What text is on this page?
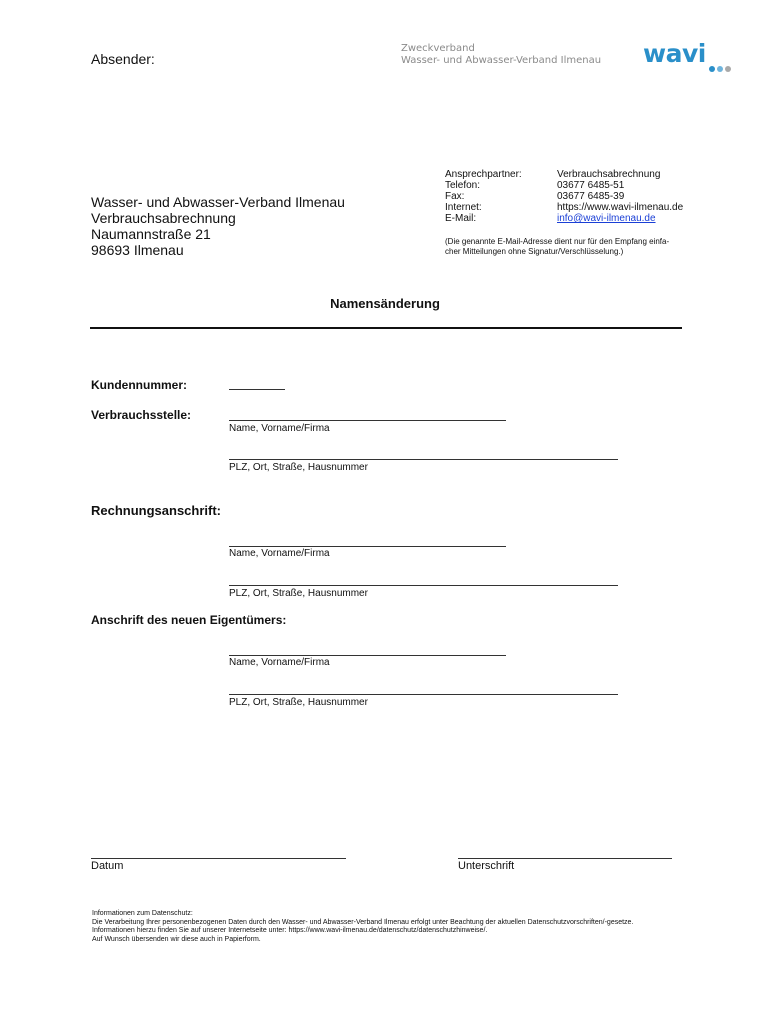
Absender:
Zweckverband
Wasser- und Abwasser-Verband Ilmenau wavi
Wasser- und Abwasser-Verband Ilmenau
Verbrauchsabrechnung
Naumannstraße 21
98693 Ilmenau
Ansprechpartner:	Verbrauchsabrechnung
Telefon:	03677 6485-51
Fax:	03677 6485-39
Internet:	https://www.wavi-ilmenau.de
E-Mail:	info@wavi-ilmenau.de
(Die genannte E-Mail-Adresse dient nur für den Empfang einfa-
cher Mitteilungen ohne Signatur/Verschlüsselung.)
Namensänderung
Kundennummer:
Verbrauchsstelle:
Name, Vorname/Firma
PLZ, Ort, Straße, Hausnummer
Rechnungsanschrift:
Name, Vorname/Firma
PLZ, Ort, Straße, Hausnummer
Anschrift des neuen Eigentümers:
Name, Vorname/Firma
PLZ, Ort, Straße, Hausnummer
Datum	Unterschrift
Informationen zum Datenschutz:
Die Verarbeitung Ihrer personenbezogenen Daten durch den Wasser- und Abwasser-Verband Ilmenau erfolgt unter Beachtung der aktuellen Datenschutzvorschriften/-gesetze.
Informationen hierzu finden Sie auf unserer Internetseite unter: https://www.wavi-ilmenau.de/datenschutz/datenschutzhinweise/.
Auf Wunsch übersenden wir diese auch in Papierform.
